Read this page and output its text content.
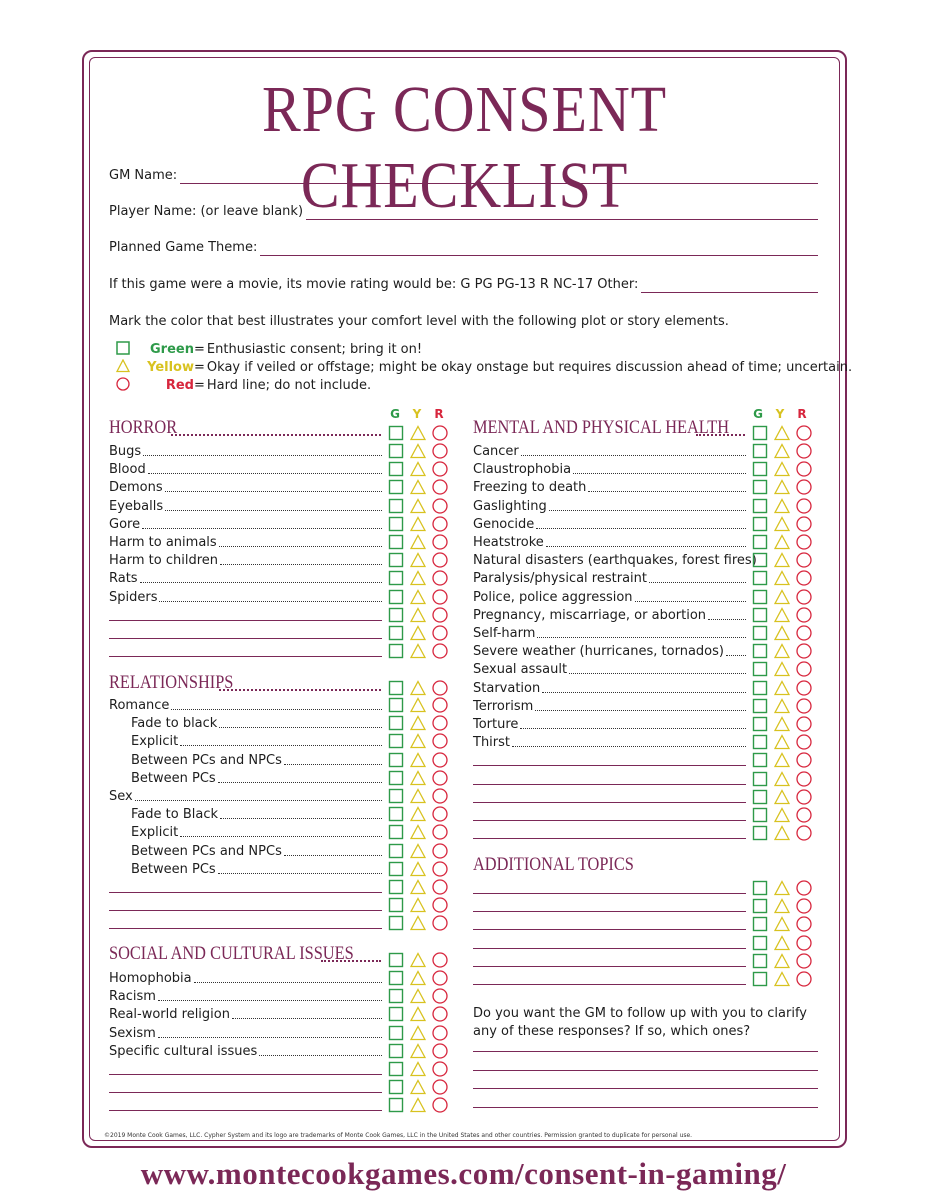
RPG CONSENT CHECKLIST
GM Name:
Player Name: (or leave blank)
Planned Game Theme:
If this game were a movie, its movie rating would be: G PG PG-13 R NC-17 Other:
Mark the color that best illustrates your comfort level with the following plot or story elements.
Green = Enthusiastic consent; bring it on!
Yellow = Okay if veiled or offstage; might be okay onstage but requires discussion ahead of time; uncertain.
Red = Hard line; do not include.
G	Y	R	G	Y	R
HORROR
Bugs
Blood
Demons
Eyeballs
Gore
Harm to animals
Harm to children
Rats
Spiders
RELATIONSHIPS
Romance
Fade to black
Explicit
Between PCs and NPCs
Between PCs
Sex
Fade to Black
Explicit
Between PCs and NPCs
Between PCs
SOCIAL AND CULTURAL ISSUES
Homophobia
Racism
Real-world religion
Sexism
Specific cultural issues
MENTAL AND PHYSICAL HEALTH
Cancer
Claustrophobia
Freezing to death
Gaslighting
Genocide
Heatstroke
Natural disasters (earthquakes, forest fires)
Paralysis/physical restraint
Police, police aggression
Pregnancy, miscarriage, or abortion
Self-harm
Severe weather (hurricanes, tornados)
Sexual assault
Starvation
Terrorism
Torture
Thirst
ADDITIONAL TOPICS
Do you want the GM to follow up with you to clarify any of these responses? If so, which ones?
©2019 Monte Cook Games, LLC. Cypher System and its logo are trademarks of Monte Cook Games, LLC in the United States and other countries. Permission granted to duplicate for personal use.
www.montecookgames.com/consent-in-gaming/
